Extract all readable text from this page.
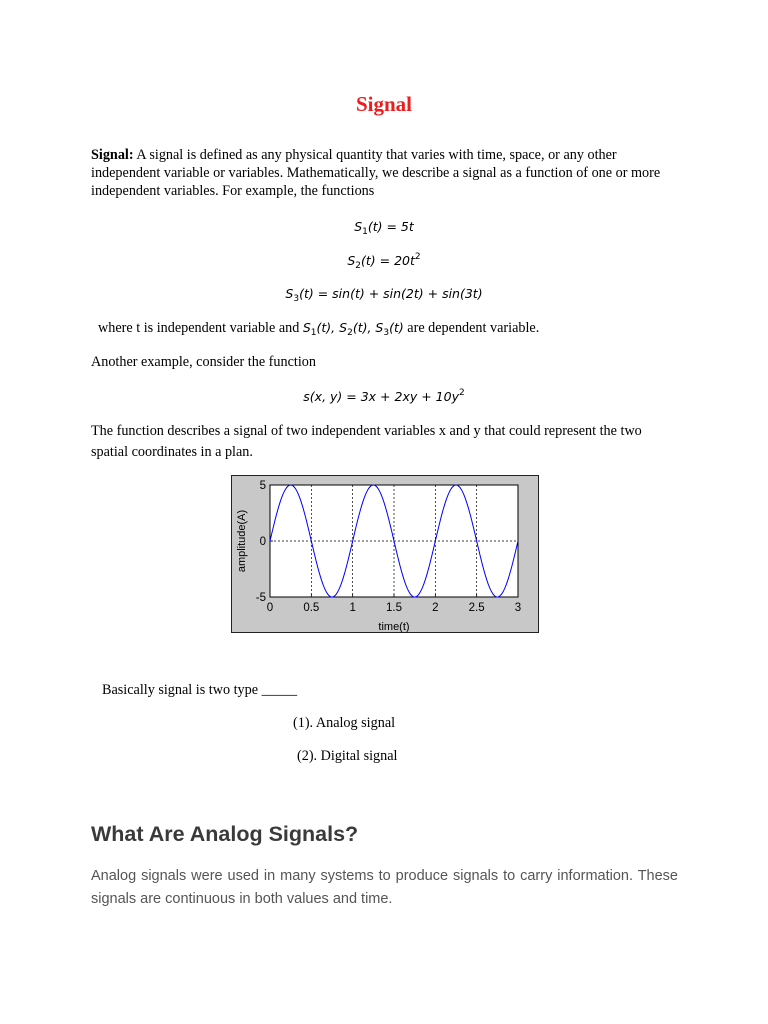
Signal
Signal: A signal is defined as any physical quantity that varies with time, space, or any other independent variable or variables. Mathematically, we describe a signal as a function of one or more independent variables. For example, the functions
$S_1(t) = 5t$
$S_2(t) = 20t^2$
$S_3(t) = \sin(t) + \sin(2t) + \sin(3t)$
where t is independent variable and $S_1(t)$, $S_2(t)$, $S_3(t)$ are dependent variable.
Another example, consider the function
s(x, $y) = 3x + 2xy + 10y^2$
The function describes a signal of two independent variables x and y that could represent the two spatial coordinates in a plan.
0	0.5	1	1.5	2	2.5	3
5
0
-5
time(t)
amplitude(A)
Basically signal is two type _____
(1). Analog signal
(2). Digital signal
What Are Analog Signals?
Analog signals were used in many systems to produce signals to carry information. These signals are continuous in both values and time.
